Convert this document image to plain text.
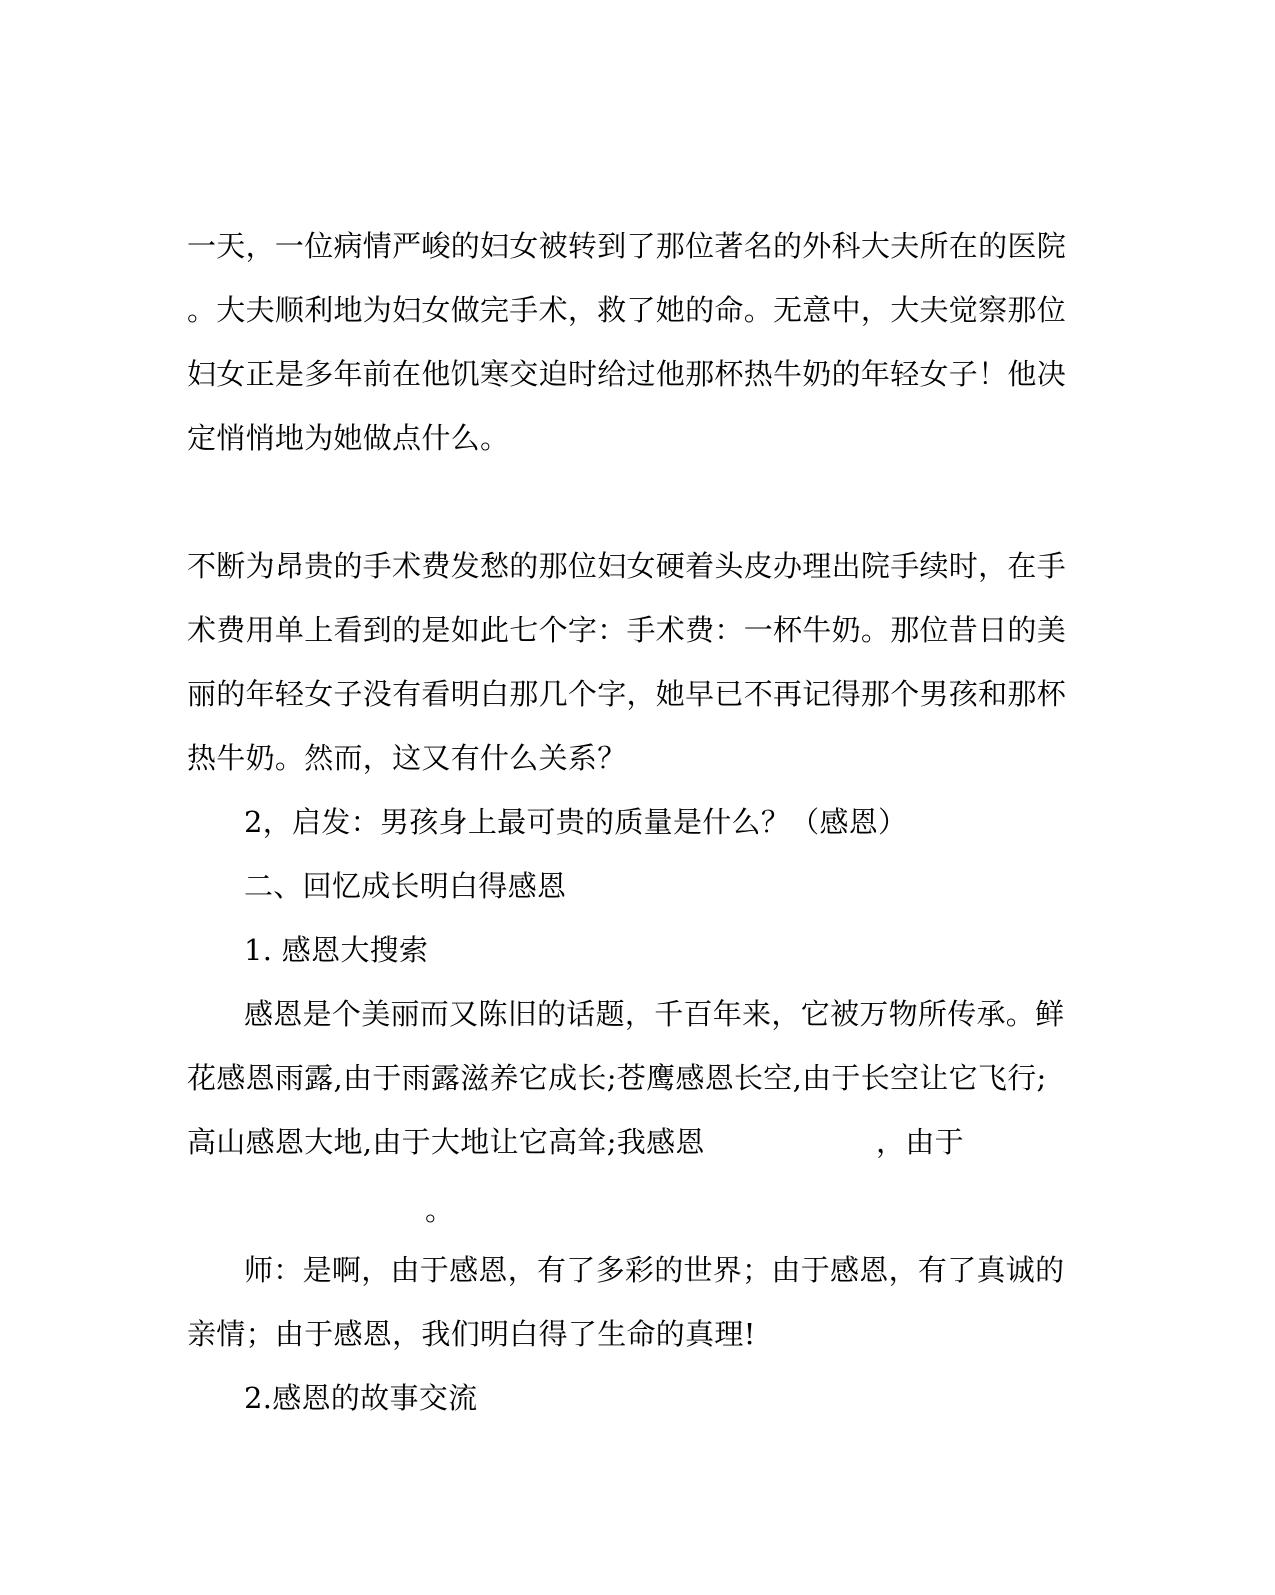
一天，一位病情严峻的妇女被转到了那位著名的外科大夫所在的医院
。大夫顺利地为妇女做完手术，救了她的命。无意中，大夫觉察那位
妇女正是多年前在他饥寒交迫时给过他那杯热牛奶的年轻女子！他决
定悄悄地为她做点什么。
不断为昂贵的手术费发愁的那位妇女硬着头皮办理出院手续时，在手
术费用单上看到的是如此七个字：手术费：一杯牛奶。那位昔日的美
丽的年轻女子没有看明白那几个字，她早已不再记得那个男孩和那杯
热牛奶。然而，这又有什么关系？
2，启发：男孩身上最可贵的质量是什么？（感恩）
二、回忆成长明白得感恩
1. 感恩大搜索
感恩是个美丽而又陈旧的话题，千百年来，它被万物所传承。鲜
花感恩雨露,由于雨露滋养它成长;苍鹰感恩长空,由于长空让它飞行;
高山感恩大地,由于大地让它高耸;我感恩                  ，由于
。
师：是啊，由于感恩，有了多彩的世界；由于感恩，有了真诚的
亲情；由于感恩，我们明白得了生命的真理!
2.感恩的故事交流
